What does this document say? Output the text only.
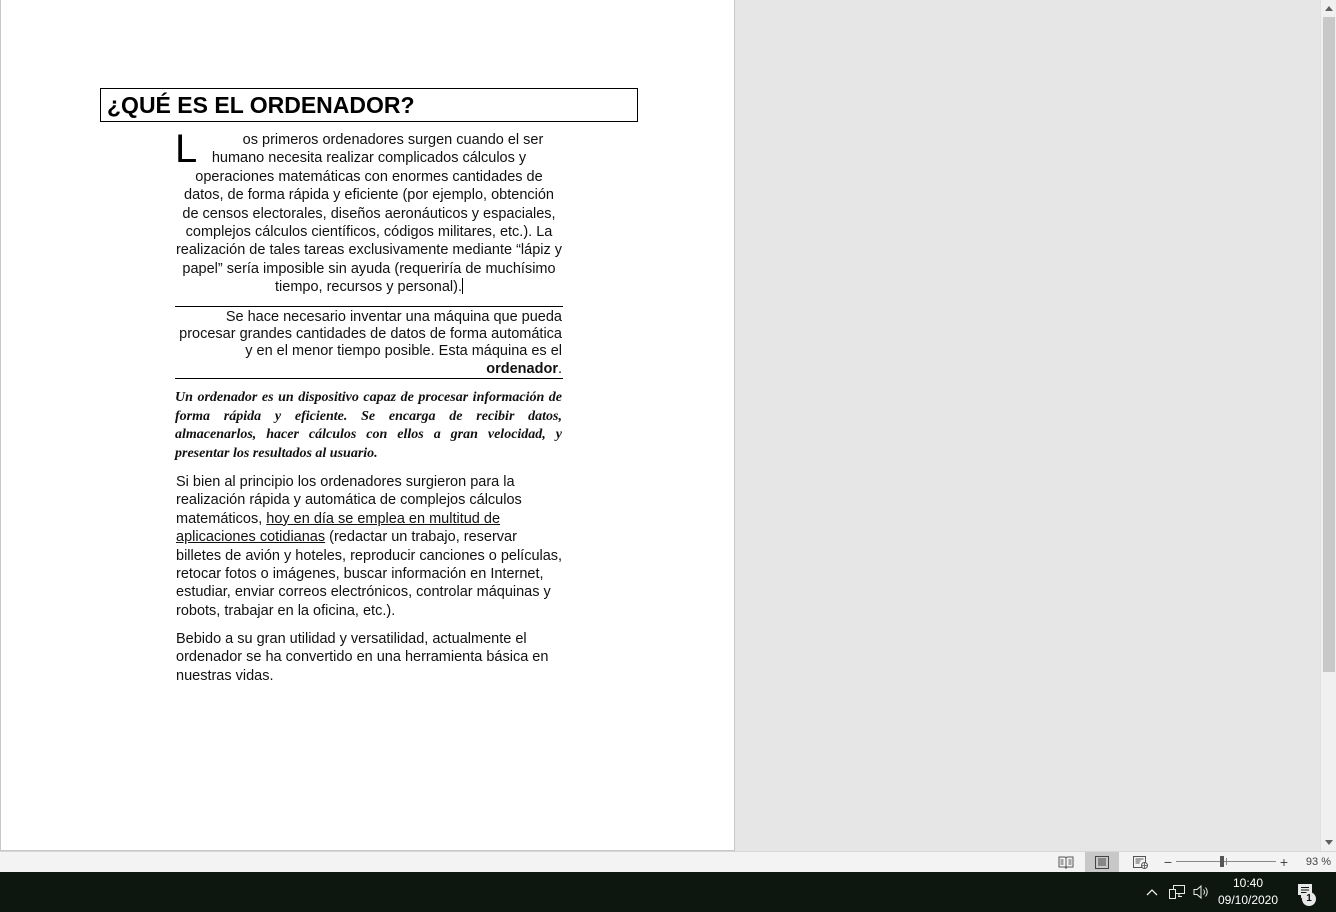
¿QUÉ ES EL ORDENADOR?
L	os primeros ordenadores surgen cuando el ser humano necesita realizar complicados cálculos y operaciones matemáticas con enormes cantidades de datos, de forma rápida y eficiente (por ejemplo, obtención de censos electorales, diseños aeronáuticos y espaciales, complejos cálculos científicos, códigos militares, etc.). La realización de tales tareas exclusivamente mediante “lápiz y papel” sería imposible sin ayuda (requeriría de muchísimo tiempo, recursos y personal).

Se hace necesario inventar una máquina que pueda procesar grandes cantidades de datos de forma automática y en el menor tiempo posible. Esta máquina es el ordenador.

Un ordenador es un dispositivo capaz de procesar información de forma rápida y eficiente. Se encarga de recibir datos, almacenarlos, hacer cálculos con ellos a gran velocidad, y presentar los resultados al usuario.

Si bien al principio los ordenadores surgieron para la realización rápida y automática de complejos cálculos matemáticos, hoy en día se emplea en multitud de aplicaciones cotidianas (redactar un trabajo, reservar billetes de avión y hoteles, reproducir canciones o películas, retocar fotos o imágenes, buscar información en Internet, estudiar, enviar correos electrónicos, controlar máquinas y robots, trabajar en la oficina, etc.).

Bebido a su gran utilidad y versatilidad, actualmente el ordenador se ha convertido en una herramienta básica en nuestras vidas.

−	+	93 %
10:40
09/10/2020	1
